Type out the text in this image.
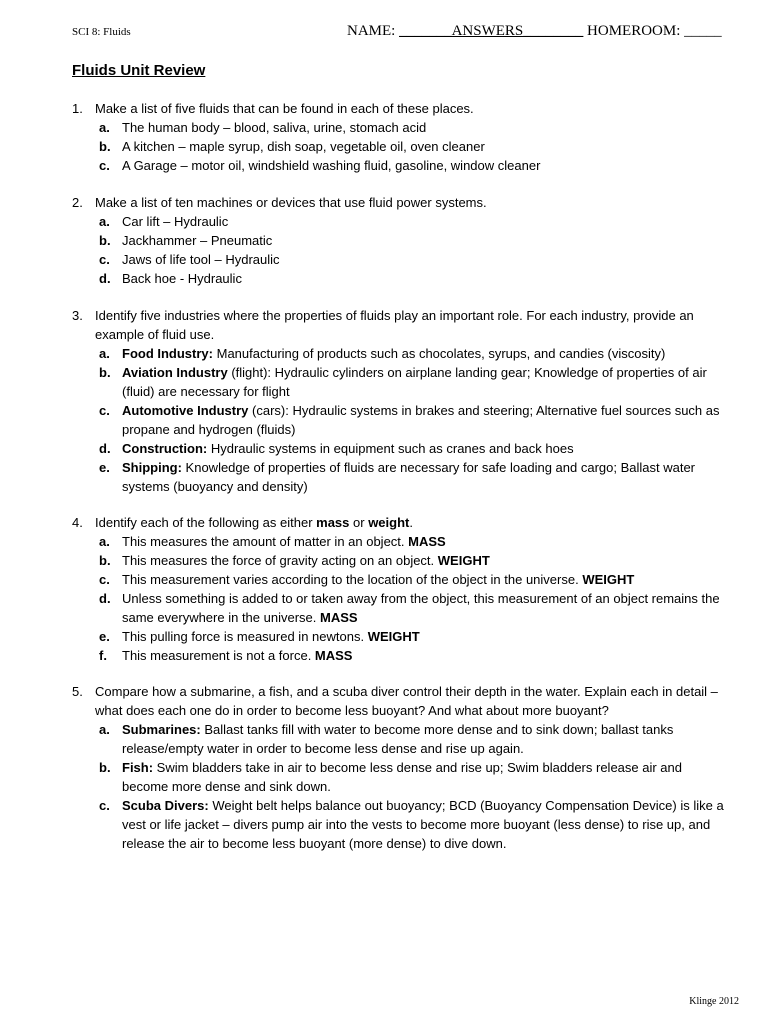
SCI 8: Fluids	NAME: _______ANSWERS________ HOMEROOM: _____
Fluids Unit Review
1. Make a list of five fluids that can be found in each of these places.
a. The human body – blood, saliva, urine, stomach acid
b. A kitchen – maple syrup, dish soap, vegetable oil, oven cleaner
c. A Garage – motor oil, windshield washing fluid, gasoline, window cleaner
2. Make a list of ten machines or devices that use fluid power systems.
a. Car lift – Hydraulic
b. Jackhammer – Pneumatic
c. Jaws of life tool – Hydraulic
d. Back hoe - Hydraulic
3. Identify five industries where the properties of fluids play an important role. For each industry, provide an example of fluid use.
a. Food Industry: Manufacturing of products such as chocolates, syrups, and candies (viscosity)
b. Aviation Industry (flight): Hydraulic cylinders on airplane landing gear; Knowledge of properties of air (fluid) are necessary for flight
c. Automotive Industry (cars): Hydraulic systems in brakes and steering; Alternative fuel sources such as propane and hydrogen (fluids)
d. Construction: Hydraulic systems in equipment such as cranes and back hoes
e. Shipping: Knowledge of properties of fluids are necessary for safe loading and cargo; Ballast water systems (buoyancy and density)
4. Identify each of the following as either mass or weight.
a. This measures the amount of matter in an object. MASS
b. This measures the force of gravity acting on an object. WEIGHT
c. This measurement varies according to the location of the object in the universe. WEIGHT
d. Unless something is added to or taken away from the object, this measurement of an object remains the same everywhere in the universe. MASS
e. This pulling force is measured in newtons. WEIGHT
f. This measurement is not a force. MASS
5. Compare how a submarine, a fish, and a scuba diver control their depth in the water. Explain each in detail – what does each one do in order to become less buoyant? And what about more buoyant?
a. Submarines: Ballast tanks fill with water to become more dense and to sink down; ballast tanks release/empty water in order to become less dense and rise up again.
b. Fish: Swim bladders take in air to become less dense and rise up; Swim bladders release air and become more dense and sink down.
c. Scuba Divers: Weight belt helps balance out buoyancy; BCD (Buoyancy Compensation Device) is like a vest or life jacket – divers pump air into the vests to become more buoyant (less dense) to rise up, and release the air to become less buoyant (more dense) to dive down.
Klinge 2012
